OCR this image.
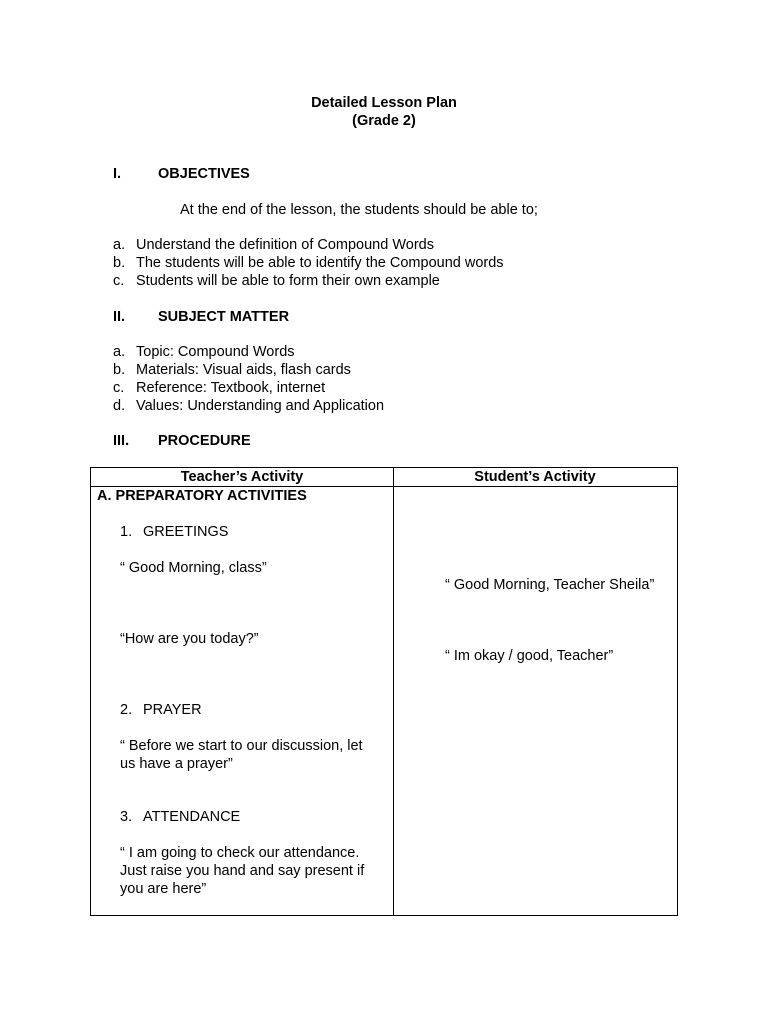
Detailed Lesson Plan
(Grade 2)
I.	OBJECTIVES
At the end of the lesson, the students should be able to;
a. Understand the definition of Compound Words
b. The students will be able to identify the Compound words
c. Students will be able to form their own example
II. SUBJECT MATTER
a. Topic: Compound Words
b. Materials: Visual aids, flash cards
c. Reference: Textbook, internet
d. Values: Understanding and Application
III. PROCEDURE
Teacher’s Activity	Student’s Activity
A. PREPARATORY ACTIVITIES
1. GREETINGS
“ Good Morning, class”
“ Good Morning, Teacher Sheila”
“How are you today?”
“ Im okay / good, Teacher”
2. PRAYER
“ Before we start to our discussion, let
us have a prayer”
3. ATTENDANCE
“ I am going to check our attendance.
Just raise you hand and say present if
you are here”
